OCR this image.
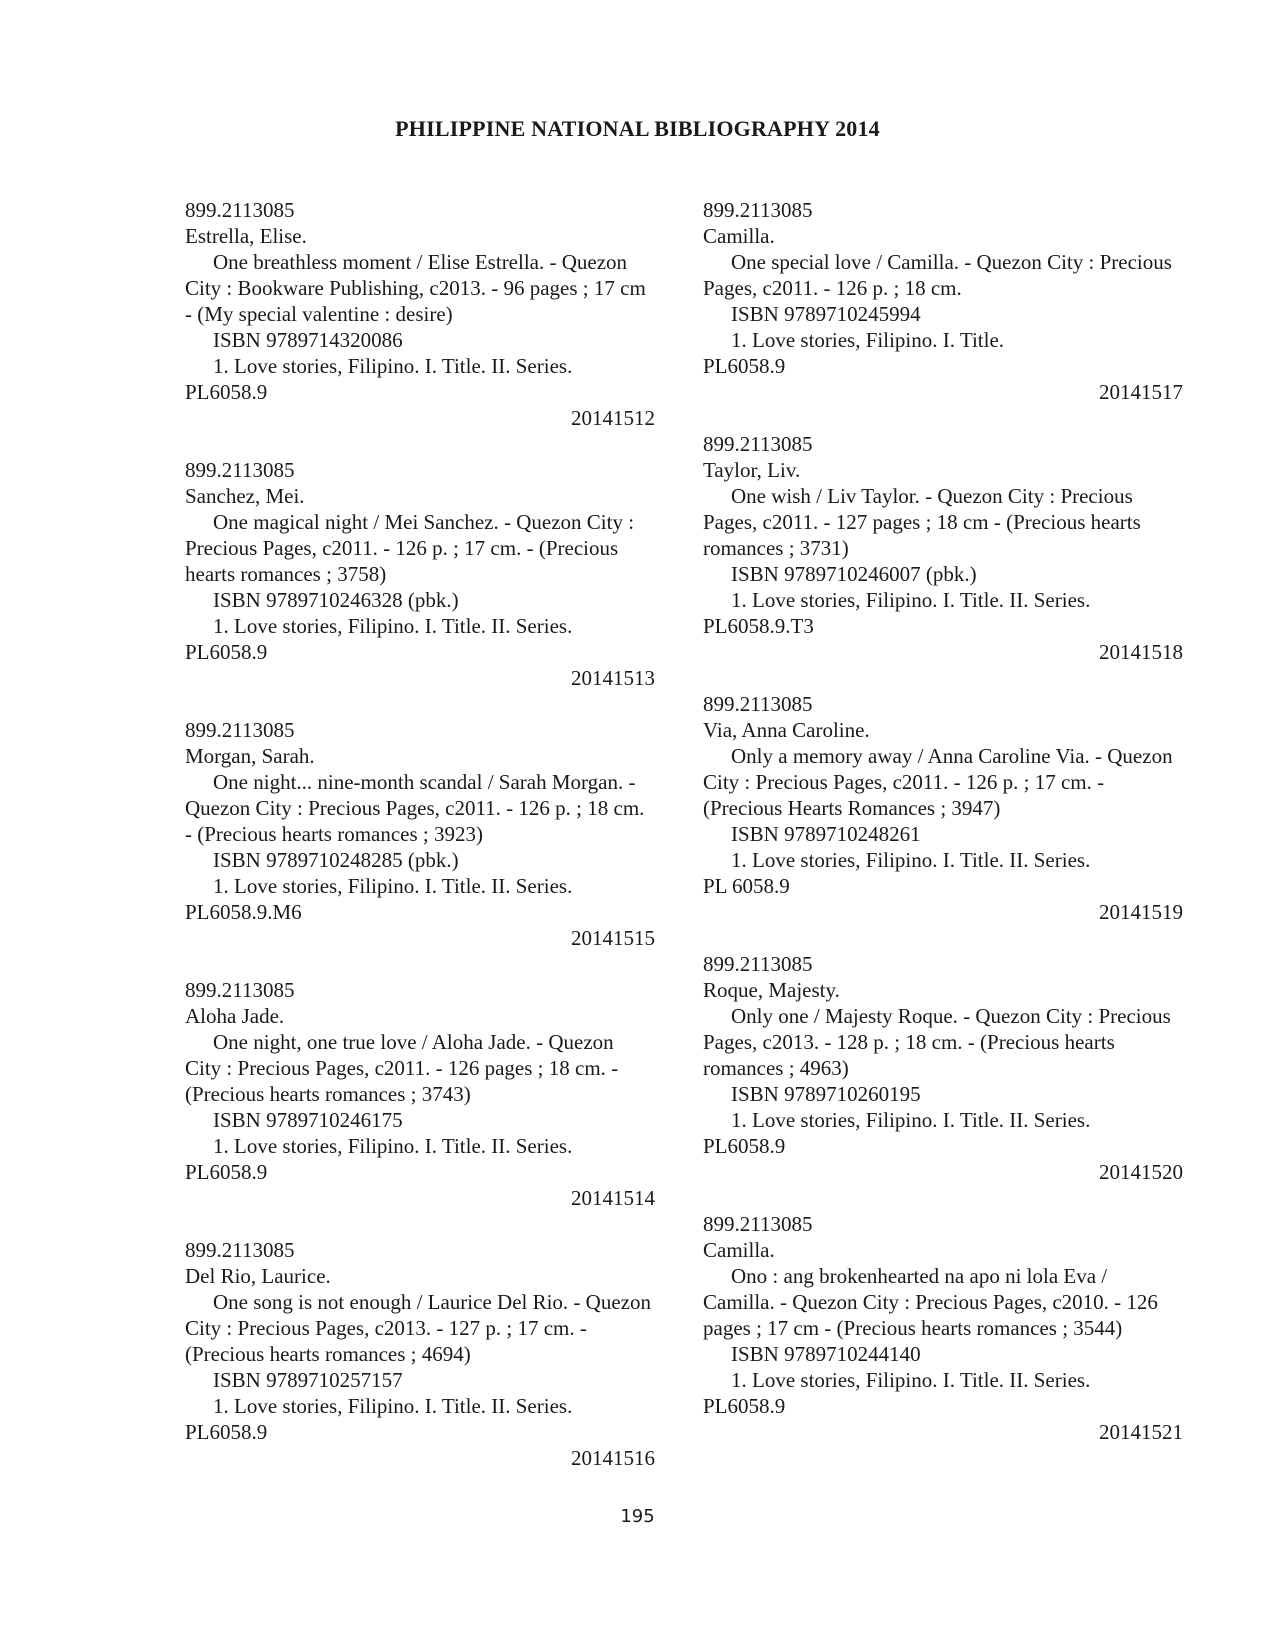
PHILIPPINE NATIONAL BIBLIOGRAPHY 2014
899.2113085
Estrella, Elise.
One breathless moment / Elise Estrella. - Quezon City : Bookware Publishing, c2013. - 96 pages ; 17 cm - (My special valentine : desire)
ISBN 9789714320086
1. Love stories, Filipino. I. Title. II. Series.
PL6058.9
20141512
899.2113085
Sanchez, Mei.
One magical night / Mei Sanchez. - Quezon City : Precious Pages, c2011. - 126 p. ; 17 cm. - (Precious hearts romances ; 3758)
ISBN 9789710246328 (pbk.)
1. Love stories, Filipino. I. Title. II. Series.
PL6058.9
20141513
899.2113085
Morgan, Sarah.
One night... nine-month scandal / Sarah Morgan. - Quezon City : Precious Pages, c2011. - 126 p. ; 18 cm. - (Precious hearts romances ; 3923)
ISBN 9789710248285 (pbk.)
1. Love stories, Filipino. I. Title. II. Series.
PL6058.9.M6
20141515
899.2113085
Aloha Jade.
One night, one true love / Aloha Jade. - Quezon City : Precious Pages, c2011. - 126 pages ; 18 cm. - (Precious hearts romances ; 3743)
ISBN 9789710246175
1. Love stories, Filipino. I. Title. II. Series.
PL6058.9
20141514
899.2113085
Del Rio, Laurice.
One song is not enough / Laurice Del Rio. - Quezon City : Precious Pages, c2013. - 127 p. ; 17 cm. - (Precious hearts romances ; 4694)
ISBN 9789710257157
1. Love stories, Filipino. I. Title. II. Series.
PL6058.9
20141516
899.2113085
Camilla.
One special love / Camilla. - Quezon City : Precious Pages, c2011. - 126 p. ; 18 cm.
ISBN 9789710245994
1. Love stories, Filipino. I. Title.
PL6058.9
20141517
899.2113085
Taylor, Liv.
One wish / Liv Taylor. - Quezon City : Precious Pages, c2011. - 127 pages ; 18 cm - (Precious hearts romances ; 3731)
ISBN 9789710246007 (pbk.)
1. Love stories, Filipino. I. Title. II. Series.
PL6058.9.T3
20141518
899.2113085
Via, Anna Caroline.
Only a memory away / Anna Caroline Via. - Quezon City : Precious Pages, c2011. - 126 p. ; 17 cm. - (Precious Hearts Romances ; 3947)
ISBN 9789710248261
1. Love stories, Filipino. I. Title. II. Series.
PL 6058.9
20141519
899.2113085
Roque, Majesty.
Only one / Majesty Roque. - Quezon City : Precious Pages, c2013. - 128 p. ; 18 cm. - (Precious hearts romances ; 4963)
ISBN 9789710260195
1. Love stories, Filipino. I. Title. II. Series.
PL6058.9
20141520
899.2113085
Camilla.
Ono : ang brokenhearted na apo ni lola Eva / Camilla. - Quezon City : Precious Pages, c2010. - 126 pages ; 17 cm - (Precious hearts romances ; 3544)
ISBN 9789710244140
1. Love stories, Filipino. I. Title. II. Series.
PL6058.9
20141521
195
